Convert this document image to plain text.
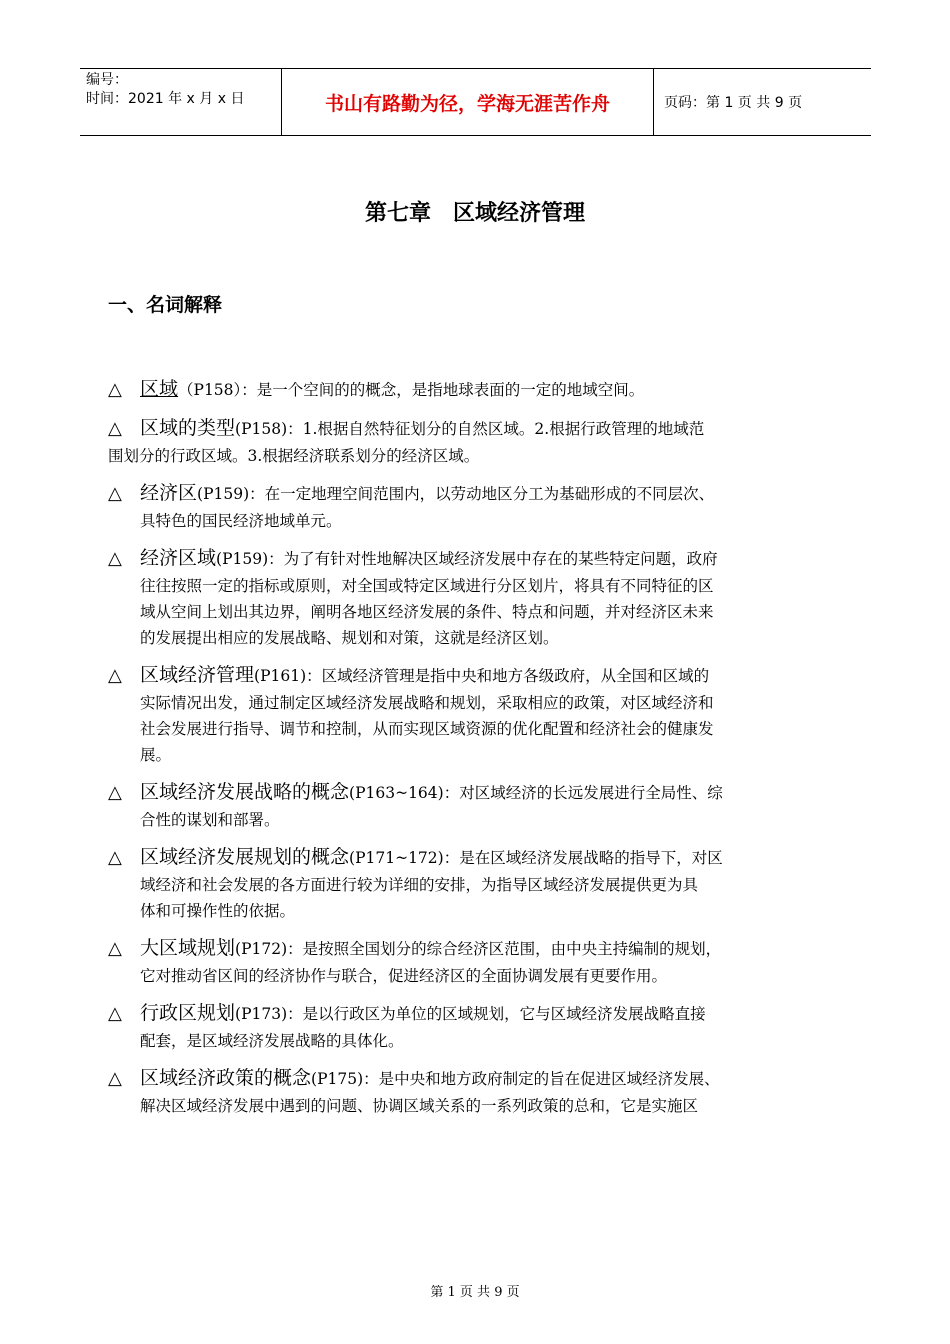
编号：
时间：2021 年 x 月 x 日	书山有路勤为径，学海无涯苦作舟	页码：第 1 页 共 9 页
第七章　区域经济管理
一、名词解释
△ 区域（P158）：是一个空间的的概念，是指地球表面的一定的地域空间。
△ 区域的类型(P158)：1.根据自然特征划分的自然区域。2.根据行政管理的地域范
围划分的行政区域。3.根据经济联系划分的经济区域。
△ 经济区(P159)：在一定地理空间范围内，以劳动地区分工为基础形成的不同层次、
具特色的国民经济地域单元。
△ 经济区域(P159)：为了有针对性地解决区域经济发展中存在的某些特定问题，政府
往往按照一定的指标或原则，对全国或特定区域进行分区划片，将具有不同特征的区
域从空间上划出其边界，阐明各地区经济发展的条件、特点和问题，并对经济区未来
的发展提出相应的发展战略、规划和对策，这就是经济区划。
△ 区域经济管理(P161)：区域经济管理是指中央和地方各级政府，从全国和区域的
实际情况出发，通过制定区域经济发展战略和规划，采取相应的政策，对区域经济和
社会发展进行指导、调节和控制，从而实现区域资源的优化配置和经济社会的健康发
展。
△ 区域经济发展战略的概念(P163~164)：对区域经济的长远发展进行全局性、综
合性的谋划和部署。
△ 区域经济发展规划的概念(P171~172)：是在区域经济发展战略的指导下，对区
域经济和社会发展的各方面进行较为详细的安排，为指导区域经济发展提供更为具
体和可操作性的依据。
△ 大区域规划(P172)：是按照全国划分的综合经济区范围，由中央主持编制的规划，
它对推动省区间的经济协作与联合，促进经济区的全面协调发展有更要作用。
△ 行政区规划(P173)：是以行政区为单位的区域规划，它与区域经济发展战略直接
配套，是区域经济发展战略的具体化。
△ 区域经济政策的概念(P175)：是中央和地方政府制定的旨在促进区域经济发展、
解决区域经济发展中遇到的问题、协调区域关系的一系列政策的总和，它是实施区
第 1 页 共 9 页
